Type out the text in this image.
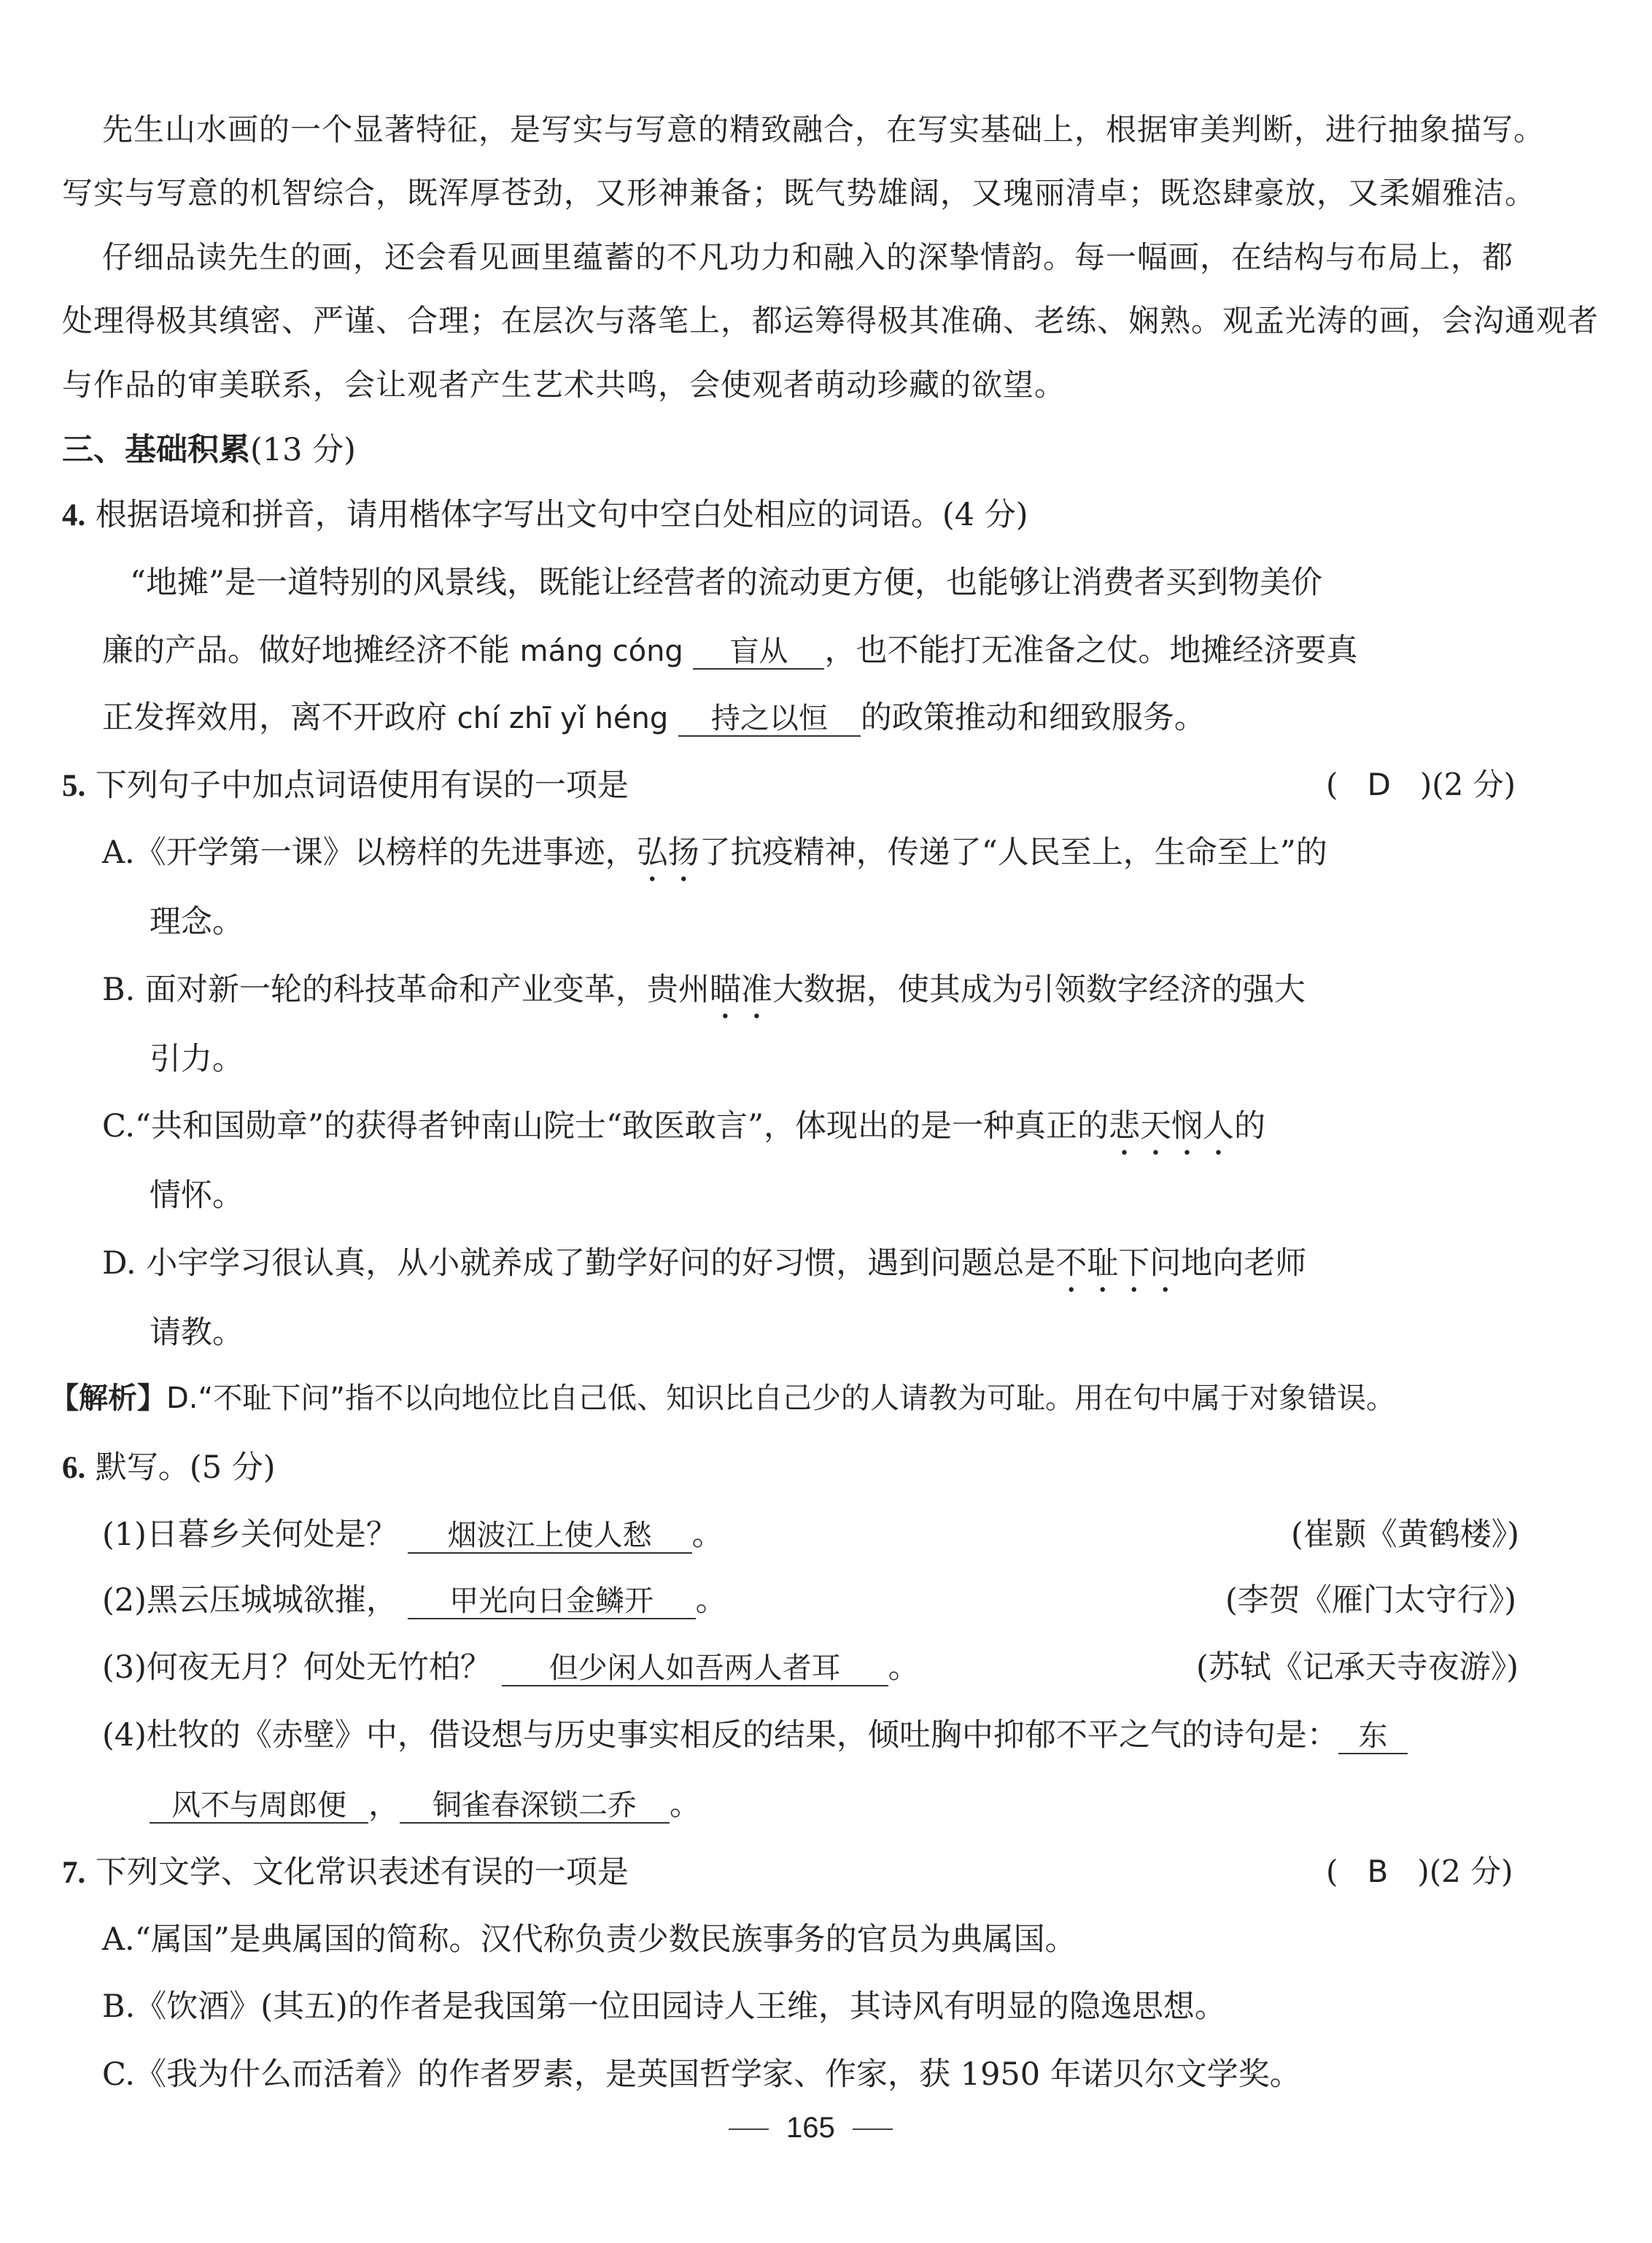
先生山水画的一个显著特征，是写实与写意的精致融合，在写实基础上，根据审美判断，进行抽象描写。
写实与写意的机智综合，既浑厚苍劲，又形神兼备；既气势雄阔，又瑰丽清卓；既恣肆豪放，又柔媚雅洁。
仔细品读先生的画，还会看见画里蕴蓄的不凡功力和融入的深挚情韵。每一幅画，在结构与布局上，都
处理得极其缜密、严谨、合理；在层次与落笔上，都运筹得极其准确、老练、娴熟。观孟光涛的画，会沟通观者
与作品的审美联系，会让观者产生艺术共鸣，会使观者萌动珍藏的欲望。
三、基础积累(13 分)
4. 根据语境和拼音，请用楷体字写出文句中空白处相应的词语。(4 分)
“地摊”是一道特别的风景线，既能让经营者的流动更方便，也能够让消费者买到物美价
廉的产品。做好地摊经济不能 máng cóng 盲从 ，也不能打无准备之仗。地摊经济要真
正发挥效用，离不开政府 chí zhī yǐ héng 持之以恒 的政策推动和细致服务。
5. 下列句子中加点词语使用有误的一项是	(   D   )(2 分)
A.《开学第一课》以榜样的先进事迹，弘扬了抗疫精神，传递了“人民至上，生命至上”的
理念。
B. 面对新一轮的科技革命和产业变革，贵州瞄准大数据，使其成为引领数字经济的强大
引力。
C.“共和国勋章”的获得者钟南山院士“敢医敢言”，体现出的是一种真正的悲天悯人的
情怀。
D. 小宇学习很认真，从小就养成了勤学好问的好习惯，遇到问题总是不耻下问地向老师
请教。
【解析】D.“不耻下问”指不以向地位比自己低、知识比自己少的人请教为可耻。用在句中属于对象错误。
6. 默写。(5 分)
(1)日暮乡关何处是？ 烟波江上使人愁 。	(崔颢《黄鹤楼》)
(2)黑云压城城欲摧， 甲光向日金鳞开 。	(李贺《雁门太守行》)
(3)何夜无月？何处无竹柏？ 但少闲人如吾两人者耳 。	(苏轼《记承天寺夜游》)
(4)杜牧的《赤壁》中，借设想与历史事实相反的结果，倾吐胸中抑郁不平之气的诗句是： 东
风不与周郎便 ， 铜雀春深锁二乔 。
7. 下列文学、文化常识表述有误的一项是	(   B   )(2 分)
A.“属国”是典属国的简称。汉代称负责少数民族事务的官员为典属国。
B.《饮酒》(其五)的作者是我国第一位田园诗人王维，其诗风有明显的隐逸思想。
C.《我为什么而活着》的作者罗素，是英国哲学家、作家，获 1950 年诺贝尔文学奖。
165
